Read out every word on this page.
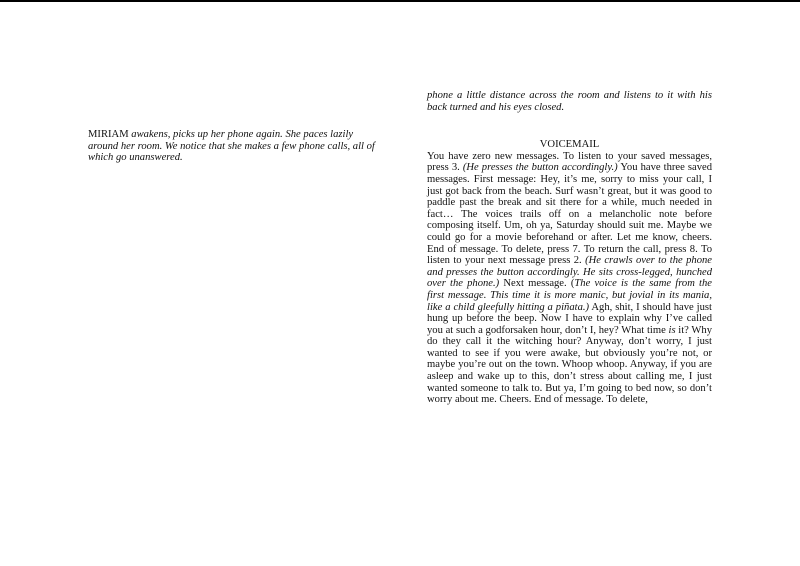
MIRIAM awakens, picks up her phone again. She paces lazily around her room. We notice that she makes a few phone calls, all of which go unanswered.

phone a little distance across the room and listens to it with his back turned and his eyes closed.

VOICEMAIL

You have zero new messages. To listen to your saved messages, press 3. (He presses the button accordingly.) You have three saved messages. First message: Hey, it’s me, sorry to miss your call, I just got back from the beach. Surf wasn’t great, but it was good to paddle past the break and sit there for a while, much needed in fact… The voices trails off on a melancholic note before composing itself. Um, oh ya, Saturday should suit me. Maybe we could go for a movie beforehand or after. Let me know, cheers. End of message. To delete, press 7. To return the call, press 8. To listen to your next message press 2. (He crawls over to the phone and presses the button accordingly. He sits cross-legged, hunched over the phone.) Next message. (The voice is the same from the first message. This time it is more manic, but jovial in its mania, like a child gleefully hitting a piñata.) Agh, shit, I should have just hung up before the beep. Now I have to explain why I’ve called you at such a godforsaken hour, don’t I, hey? What time is it? Why do they call it the witching hour? Anyway, don’t worry, I just wanted to see if you were awake, but obviously you’re not, or maybe you’re out on the town. Whoop whoop. Anyway, if you are asleep and wake up to this, don’t stress about calling me, I just wanted someone to talk to. But ya, I’m going to bed now, so don’t worry about me. Cheers. End of message. To delete,
